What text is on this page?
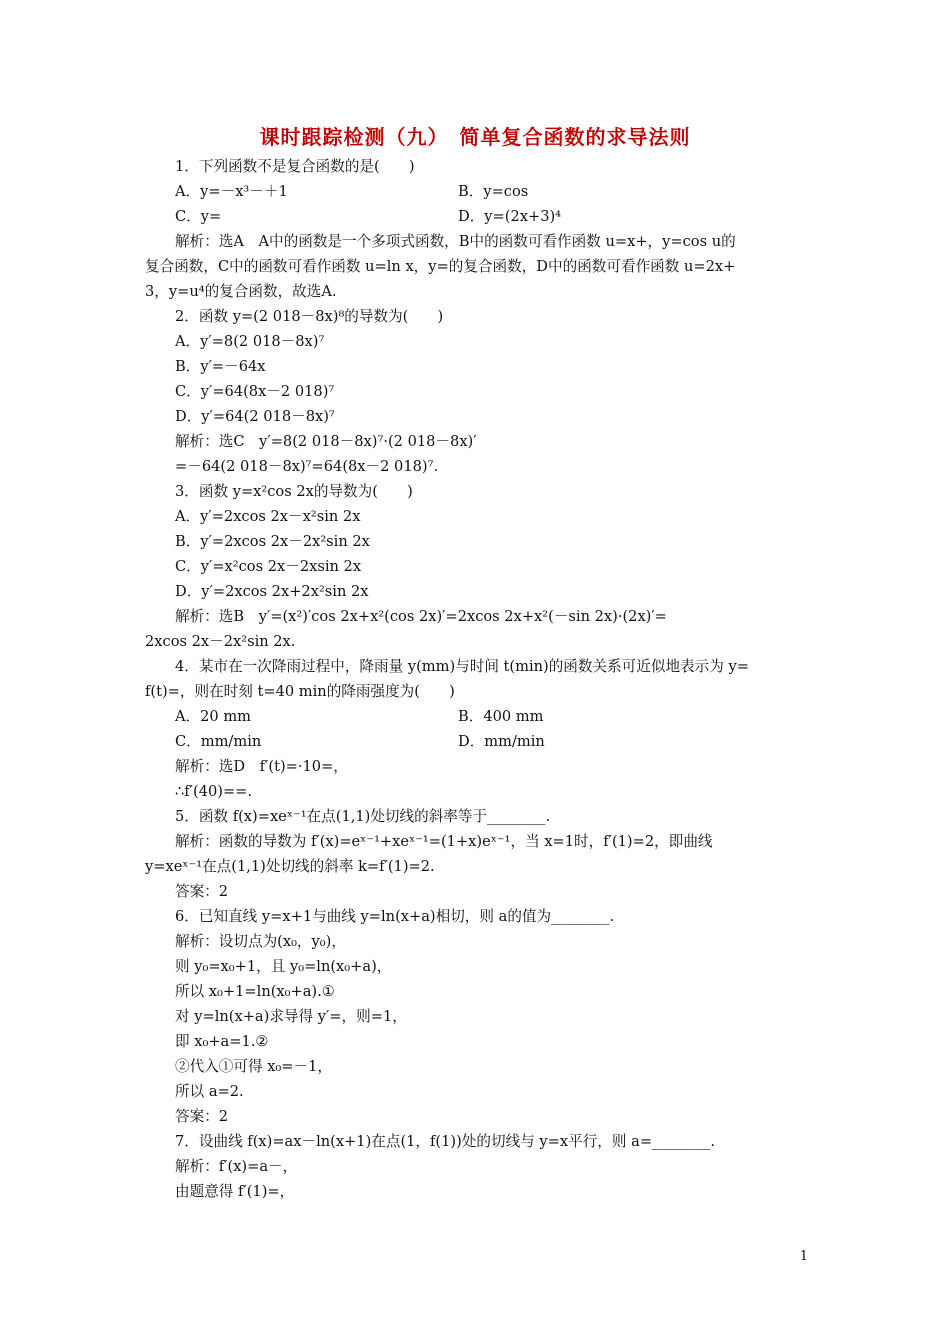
课时跟踪检测（九）　简单复合函数的求导法则
1．下列函数不是复合函数的是(　　)
A．y=－x³－＋1	B．y=cos
C．y=	D．y=(2x+3)⁴
解析：选A　A中的函数是一个多项式函数，B中的函数可看作函数 u=x+，y=cos u的
复合函数，C中的函数可看作函数 u=ln x，y=的复合函数，D中的函数可看作函数 u=2x+
3，y=u⁴的复合函数，故选A.
2．函数 y=(2 018－8x)⁸的导数为(　　)
A．y′=8(2 018－8x)⁷
B．y′=－64x
C．y′=64(8x－2 018)⁷
D．y′=64(2 018－8x)⁷
解析：选C　y′=8(2 018－8x)⁷·(2 018－8x)′
=－64(2 018－8x)⁷=64(8x－2 018)⁷.
3．函数 y=x²cos 2x的导数为(　　)
A．y′=2xcos 2x－x²sin 2x
B．y′=2xcos 2x－2x²sin 2x
C．y′=x²cos 2x－2xsin 2x
D．y′=2xcos 2x+2x²sin 2x
解析：选B　y′=(x²)′cos 2x+x²(cos 2x)′=2xcos 2x+x²(－sin 2x)·(2x)′=
2xcos 2x－2x²sin 2x.
4．某市在一次降雨过程中，降雨量 y(mm)与时间 t(min)的函数关系可近似地表示为 y=
f(t)=，则在时刻 t=40 min的降雨强度为(　　)
A．20 mm	B．400 mm
C．mm/min	D．mm/min
解析：选D　f′(t)=·10=，
∴f′(40)==.
5．函数 f(x)=xeˣ⁻¹在点(1,1)处切线的斜率等于________.
解析：函数的导数为 f′(x)=eˣ⁻¹+xeˣ⁻¹=(1+x)eˣ⁻¹，当 x=1时，f′(1)=2，即曲线
y=xeˣ⁻¹在点(1,1)处切线的斜率 k=f′(1)=2.
答案：2
6．已知直线 y=x+1与曲线 y=ln(x+a)相切，则 a的值为________.
解析：设切点为(x₀，y₀)，
则 y₀=x₀+1，且 y₀=ln(x₀+a)，
所以 x₀+1=ln(x₀+a).①
对 y=ln(x+a)求导得 y′=，则=1，
即 x₀+a=1.②
②代入①可得 x₀=－1，
所以 a=2.
答案：2
7．设曲线 f(x)=ax－ln(x+1)在点(1，f(1))处的切线与 y=x平行，则 a=________.
解析：f′(x)=a－，
由题意得 f′(1)=，
1
